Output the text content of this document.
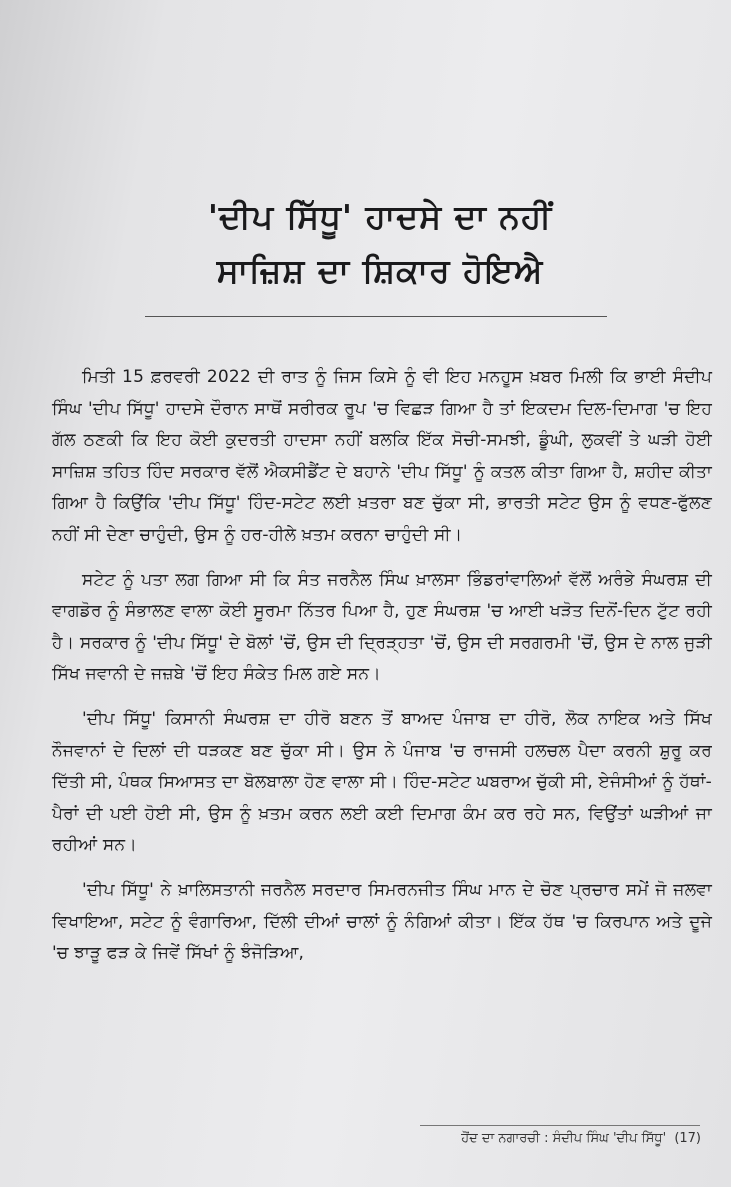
'ਦੀਪ ਸਿੱਧੂ' ਹਾਦਸੇ ਦਾ ਨਹੀਂ
ਸਾਜ਼ਿਸ਼ ਦਾ ਸ਼ਿਕਾਰ ਹੋਇਐ

ਮਿਤੀ 15 ਫ਼ਰਵਰੀ 2022 ਦੀ ਰਾਤ ਨੂੰ ਜਿਸ ਕਿਸੇ ਨੂੰ ਵੀ ਇਹ ਮਨਹੂਸ ਖ਼ਬਰ ਮਿਲੀ ਕਿ ਭਾਈ ਸੰਦੀਪ ਸਿੰਘ 'ਦੀਪ ਸਿੱਧੂ' ਹਾਦਸੇ ਦੌਰਾਨ ਸਾਥੋਂ ਸਰੀਰਕ ਰੂਪ 'ਚ ਵਿਛੜ ਗਿਆ ਹੈ ਤਾਂ ਇਕਦਮ ਦਿਲ-ਦਿਮਾਗ 'ਚ ਇਹ ਗੱਲ ਠਣਕੀ ਕਿ ਇਹ ਕੋਈ ਕੁਦਰਤੀ ਹਾਦਸਾ ਨਹੀਂ ਬਲਕਿ ਇੱਕ ਸੋਚੀ-ਸਮਝੀ, ਡੂੰਘੀ, ਲੁਕਵੀਂ ਤੇ ਘੜੀ ਹੋਈ ਸਾਜ਼ਿਸ਼ ਤਹਿਤ ਹਿੰਦ ਸਰਕਾਰ ਵੱਲੋਂ ਐਕਸੀਡੈਂਟ ਦੇ ਬਹਾਨੇ 'ਦੀਪ ਸਿੱਧੂ' ਨੂੰ ਕਤਲ ਕੀਤਾ ਗਿਆ ਹੈ, ਸ਼ਹੀਦ ਕੀਤਾ ਗਿਆ ਹੈ ਕਿਉਂਕਿ 'ਦੀਪ ਸਿੱਧੂ' ਹਿੰਦ-ਸਟੇਟ ਲਈ ਖ਼ਤਰਾ ਬਣ ਚੁੱਕਾ ਸੀ, ਭਾਰਤੀ ਸਟੇਟ ਉਸ ਨੂੰ ਵਧਣ-ਫੁੱਲਣ ਨਹੀਂ ਸੀ ਦੇਣਾ ਚਾਹੁੰਦੀ, ਉਸ ਨੂੰ ਹਰ-ਹੀਲੇ ਖ਼ਤਮ ਕਰਨਾ ਚਾਹੁੰਦੀ ਸੀ।

ਸਟੇਟ ਨੂੰ ਪਤਾ ਲਗ ਗਿਆ ਸੀ ਕਿ ਸੰਤ ਜਰਨੈਲ ਸਿੰਘ ਖ਼ਾਲਸਾ ਭਿੰਡਰਾਂਵਾਲਿਆਂ ਵੱਲੋਂ ਅਰੰਭੇ ਸੰਘਰਸ਼ ਦੀ ਵਾਗਡੋਰ ਨੂੰ ਸੰਭਾਲਣ ਵਾਲਾ ਕੋਈ ਸੂਰਮਾ ਨਿੱਤਰ ਪਿਆ ਹੈ, ਹੁਣ ਸੰਘਰਸ਼ 'ਚ ਆਈ ਖੜੋਤ ਦਿਨੋਂ-ਦਿਨ ਟੁੱਟ ਰਹੀ ਹੈ। ਸਰਕਾਰ ਨੂੰ 'ਦੀਪ ਸਿੱਧੂ' ਦੇ ਬੋਲਾਂ 'ਚੋਂ, ਉਸ ਦੀ ਦ੍ਰਿੜ੍ਹਤਾ 'ਚੋਂ, ਉਸ ਦੀ ਸਰਗਰਮੀ 'ਚੋਂ, ਉਸ ਦੇ ਨਾਲ ਜੁੜੀ ਸਿੱਖ ਜਵਾਨੀ ਦੇ ਜਜ਼ਬੇ 'ਚੋਂ ਇਹ ਸੰਕੇਤ ਮਿਲ ਗਏ ਸਨ।

'ਦੀਪ ਸਿੱਧੂ' ਕਿਸਾਨੀ ਸੰਘਰਸ਼ ਦਾ ਹੀਰੋ ਬਣਨ ਤੋਂ ਬਾਅਦ ਪੰਜਾਬ ਦਾ ਹੀਰੋ, ਲੋਕ ਨਾਇਕ ਅਤੇ ਸਿੱਖ ਨੌਜਵਾਨਾਂ ਦੇ ਦਿਲਾਂ ਦੀ ਧੜਕਣ ਬਣ ਚੁੱਕਾ ਸੀ। ਉਸ ਨੇ ਪੰਜਾਬ 'ਚ ਰਾਜਸੀ ਹਲਚਲ ਪੈਦਾ ਕਰਨੀ ਸ਼ੁਰੂ ਕਰ ਦਿੱਤੀ ਸੀ, ਪੰਥਕ ਸਿਆਸਤ ਦਾ ਬੋਲਬਾਲਾ ਹੋਣ ਵਾਲਾ ਸੀ। ਹਿੰਦ-ਸਟੇਟ ਘਬਰਾਅ ਚੁੱਕੀ ਸੀ, ਏਜੰਸੀਆਂ ਨੂੰ ਹੱਥਾਂ-ਪੈਰਾਂ ਦੀ ਪਈ ਹੋਈ ਸੀ, ਉਸ ਨੂੰ ਖ਼ਤਮ ਕਰਨ ਲਈ ਕਈ ਦਿਮਾਗ ਕੰਮ ਕਰ ਰਹੇ ਸਨ, ਵਿਉਂਤਾਂ ਘੜੀਆਂ ਜਾ ਰਹੀਆਂ ਸਨ।

'ਦੀਪ ਸਿੱਧੂ' ਨੇ ਖ਼ਾਲਿਸਤਾਨੀ ਜਰਨੈਲ ਸਰਦਾਰ ਸਿਮਰਨਜੀਤ ਸਿੰਘ ਮਾਨ ਦੇ ਚੋਣ ਪ੍ਰਚਾਰ ਸਮੇਂ ਜੋ ਜਲਵਾ ਵਿਖਾਇਆ, ਸਟੇਟ ਨੂੰ ਵੰਗਾਰਿਆ, ਦਿੱਲੀ ਦੀਆਂ ਚਾਲਾਂ ਨੂੰ ਨੰਗਿਆਂ ਕੀਤਾ। ਇੱਕ ਹੱਥ 'ਚ ਕਿਰਪਾਨ ਅਤੇ ਦੂਜੇ 'ਚ ਝਾੜੂ ਫੜ ਕੇ ਜਿਵੇਂ ਸਿੱਖਾਂ ਨੂੰ ਝੰਜੋੜਿਆ,

ਹੋਂਦ ਦਾ ਨਗਾਰਚੀ : ਸੰਦੀਪ ਸਿੰਘ 'ਦੀਪ ਸਿੱਧੂ' (17)
